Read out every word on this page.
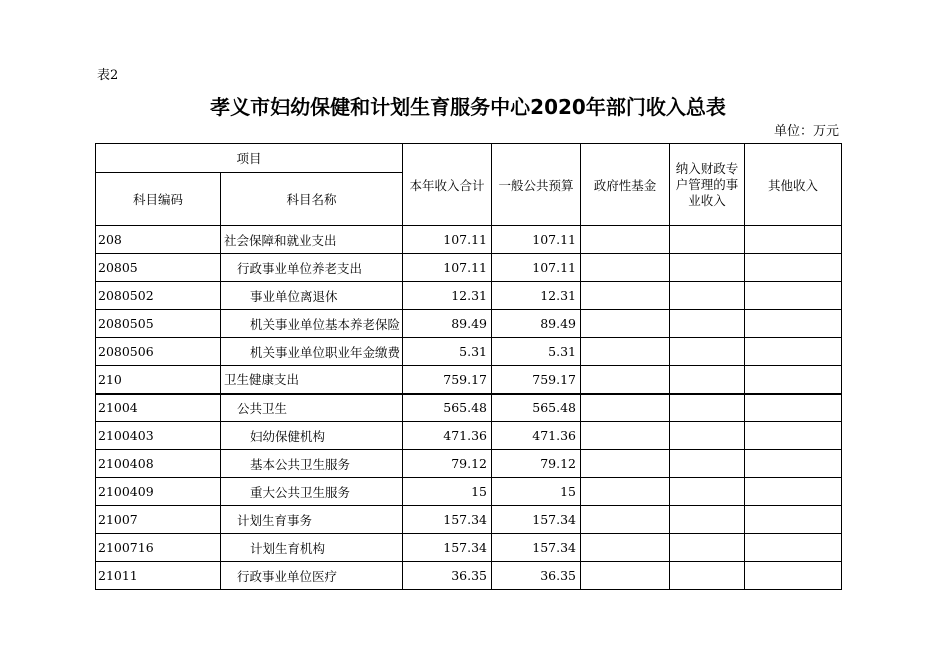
表2
孝义市妇幼保健和计划生育服务中心2020年部门收入总表
单位：万元
项目		本年收入合计	一般公共预算	政府性基金	纳入财政专户管理的事业收入	其他收入
科目编码	科目名称					
208	社会保障和就业支出	107.11	107.11			
20805	行政事业单位养老支出	107.11	107.11			
2080502	事业单位离退休	12.31	12.31			
2080505	机关事业单位基本养老保险	89.49	89.49			
2080506	机关事业单位职业年金缴费	5.31	5.31			
210	卫生健康支出	759.17	759.17			
21004	公共卫生	565.48	565.48			
2100403	妇幼保健机构	471.36	471.36			
2100408	基本公共卫生服务	79.12	79.12			
2100409	重大公共卫生服务	15	15			
21007	计划生育事务	157.34	157.34			
2100716	计划生育机构	157.34	157.34			
21011	行政事业单位医疗	36.35	36.35			
